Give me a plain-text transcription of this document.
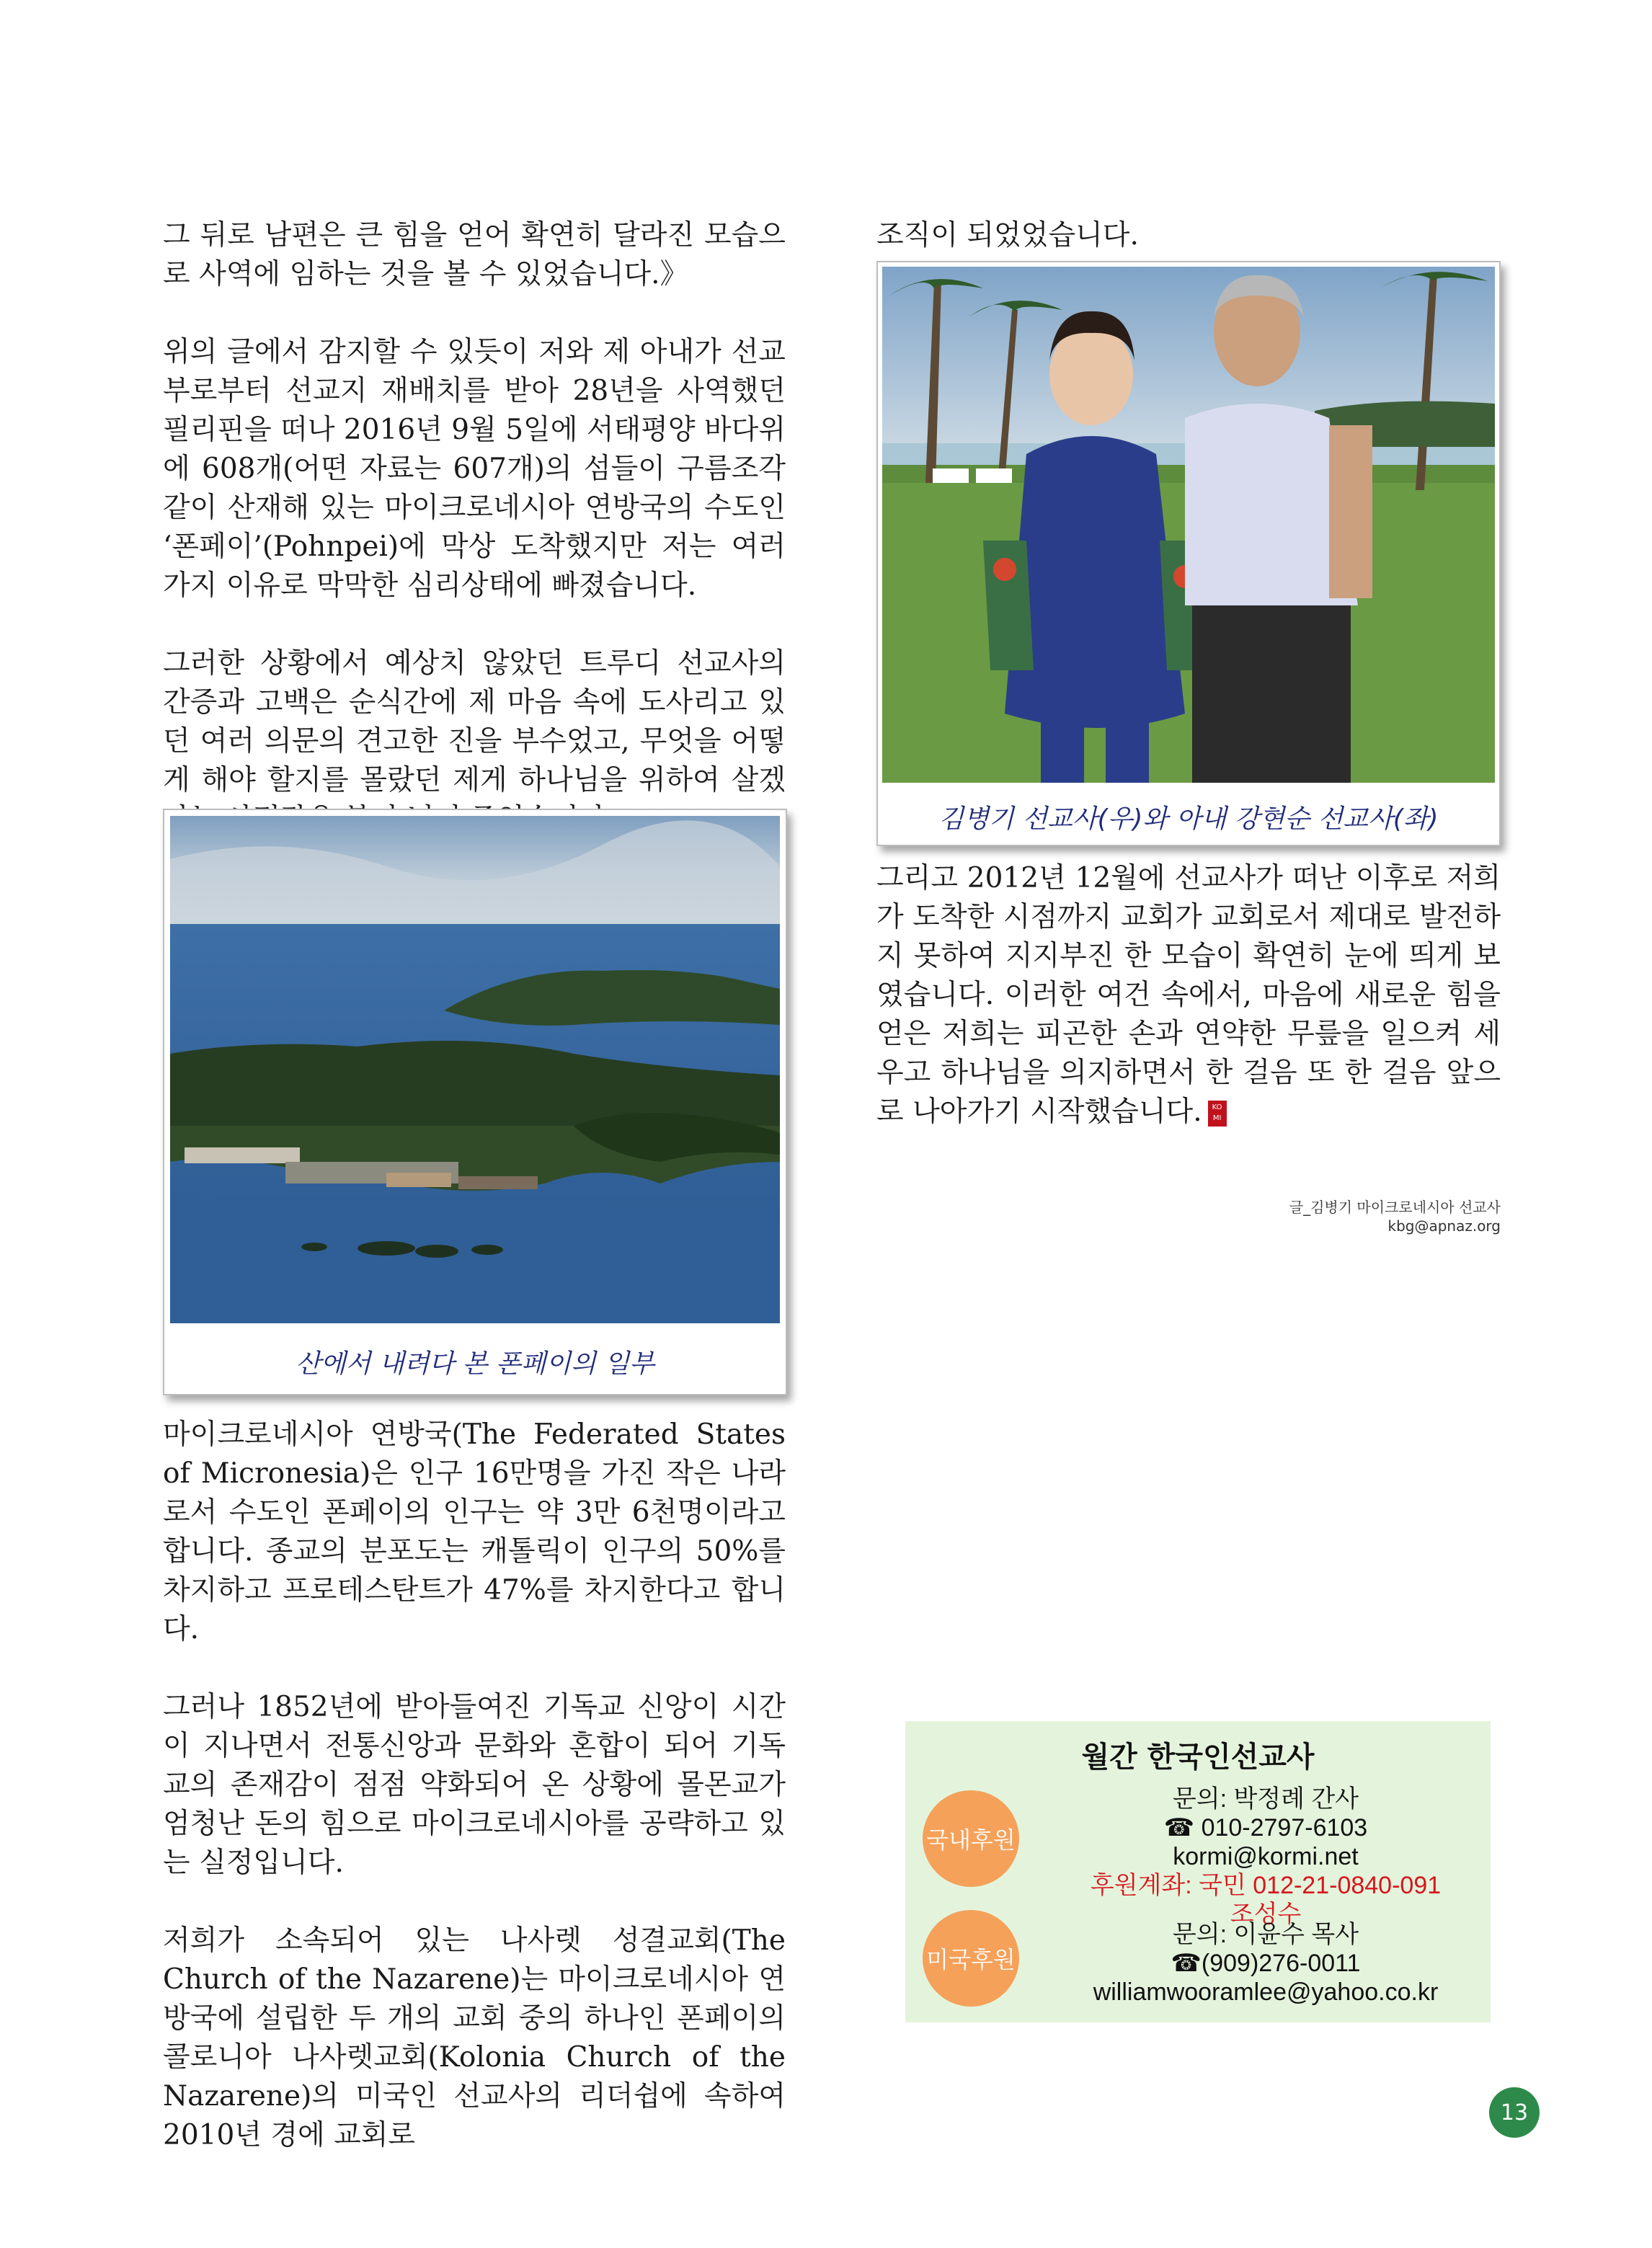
그 뒤로 남편은 큰 힘을 얻어 확연히 달라진 모습으로 사역에 임하는 것을 볼 수 있었습니다.》

위의 글에서 감지할 수 있듯이 저와 제 아내가 선교부로부터 선교지 재배치를 받아 28년을 사역했던 필리핀을 떠나 2016년 9월 5일에 서태평양 바다위에 608개(어떤 자료는 607개)의 섬들이 구름조각 같이 산재해 있는 마이크로네시아 연방국의 수도인 ‘폰페이’(Pohnpei)에 막상 도착했지만 저는 여러가지 이유로 막막한 심리상태에 빠졌습니다.

그러한 상황에서 예상치 않았던 트루디 선교사의 간증과 고백은 순식간에 제 마음 속에 도사리고 있던 여러 의문의 견고한 진을 부수었고, 무엇을 어떻게 해야 할지를 몰랐던 제게 하나님을 위하여 살겠

산에서 내려다 본 폰페이의 일부

마이크로네시아 연방국(The Federated States of Micronesia)은 인구 16만명을 가진 작은 나라로서 수도인 폰페이의 인구는 약 3만 6천명이라고 합니다. 종교의 분포도는 캐톨릭이 인구의 50%를 차지하고 프로테스탄트가 47%를 차지한다고 합니다.

그러나 1852년에 받아들여진 기독교 신앙이 시간이 지나면서 전통신앙과 문화와 혼합이 되어 기독교의 존재감이 점점 약화되어 온 상황에 몰몬교가 엄청난 돈의 힘으로 마이크로네시아를 공략하고 있는 실정입니다.

저희가 소속되어 있는 나사렛 성결교회(The Church of the Nazarene)는 마이크로네시아 연방국에 설립한 두 개의 교회 중의 하나인 폰페이의 콜로니아 나사렛교회(Kolonia Church of the Nazarene)의 미국인 선교사의 리더쉽에 속하여 2010년 경에 교회로

조직이 되었었습니다.

김병기 선교사(우)와 아내 강현순 선교사(좌)

그리고 2012년 12월에 선교사가 떠난 이후로 저희가 도착한 시점까지 교회가 교회로서 제대로 발전하지 못하여 지지부진 한 모습이 확연히 눈에 띄게 보였습니다. 이러한 여건 속에서, 마음에 새로운 힘을 얻은 저희는 피곤한 손과 연약한 무릎을 일으켜 세우고 하나님을 의지하면서 한 걸음 또 한 걸음 앞으로 나아가기 시작했습니다. KO MI

글_김병기 마이크로네시아 선교사
kbg@apnaz.org
월간 한국인선교사
국내후원
문의: 박정례 간사
☎ 010-2797-6103
kormi@kormi.net
후원계좌: 국민 012-21-0840-091 조성수
미국후원
문의: 이윤수 목사
☎(909)276-0011
williamwooramlee@yahoo.co.kr
13
